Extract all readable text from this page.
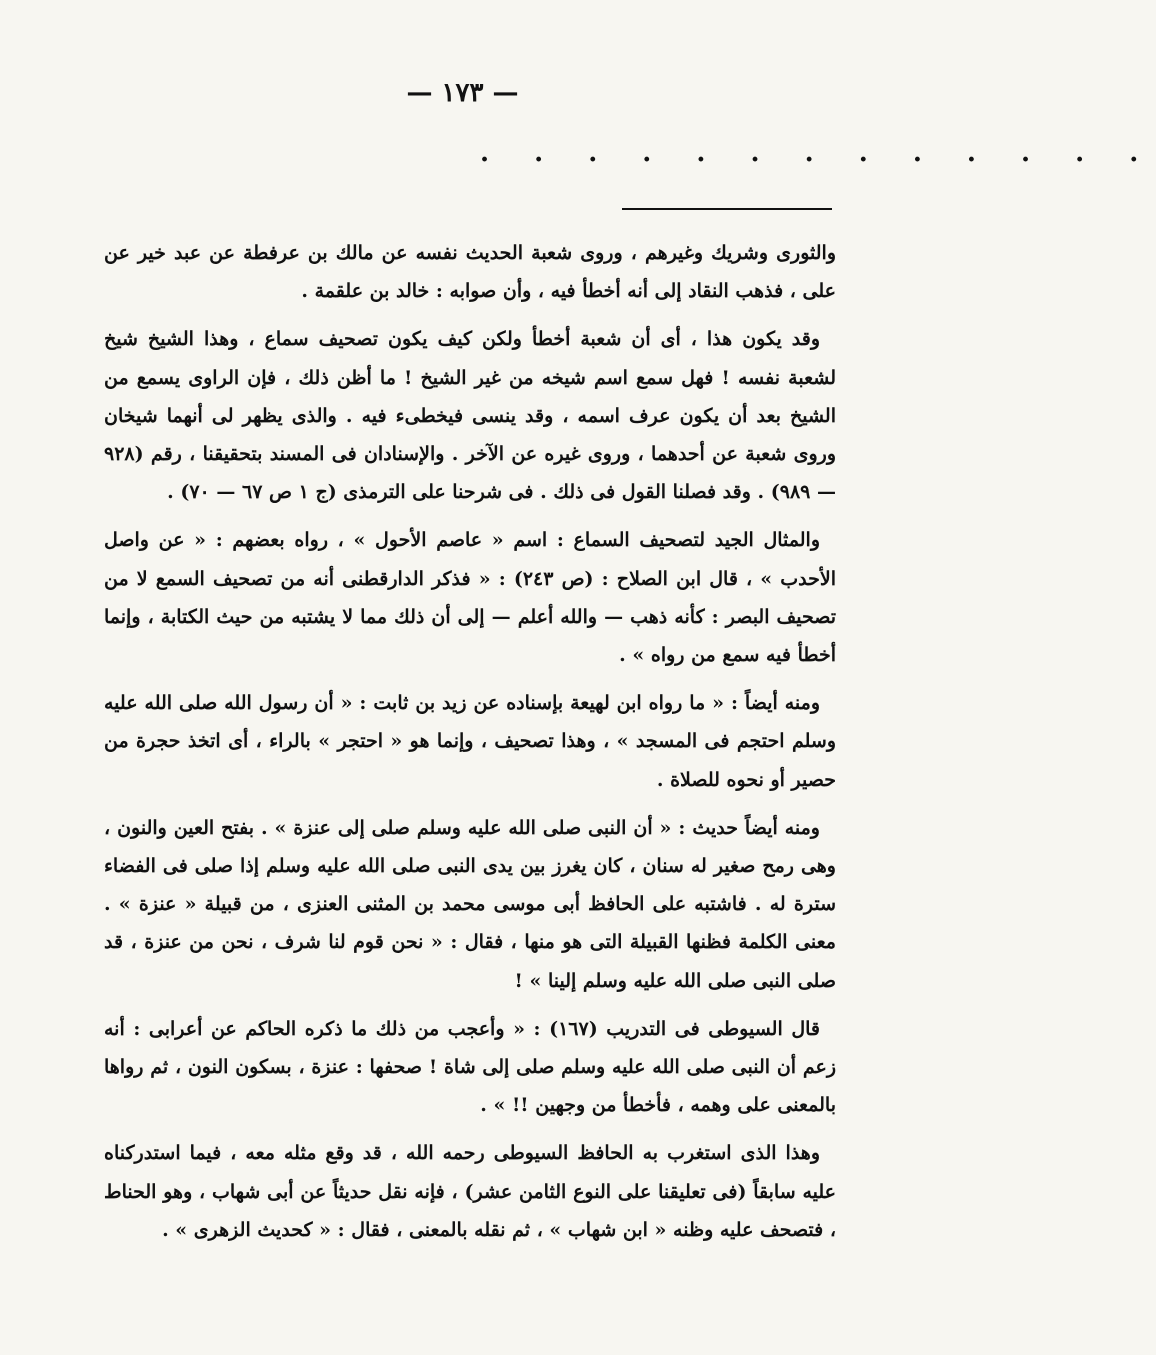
— ١٧٣ —
. . . . . . . . . . . . .

والثورى وشريك وغيرهم ، وروى شعبة الحديث نفسه عن مالك بن عرفطة عن عبد خير عن على ، فذهب النقاد إلى أنه أخطأ فيه ، وأن صوابه : خالد بن علقمة .

وقد يكون هذا ، أى أن شعبة أخطأ ولكن كيف يكون تصحيف سماع ، وهذا الشيخ شيخ لشعبة نفسه ! فهل سمع اسم شيخه من غير الشيخ ! ما أظن ذلك ، فإن الراوى يسمع من الشيخ بعد أن يكون عرف اسمه ، وقد ينسى فيخطىء فيه . والذى يظهر لى أنهما شيخان وروى شعبة عن أحدهما ، وروى غيره عن الآخر . والإسنادان فى المسند بتحقيقنا ، رقم (٩٢٨ — ٩٨٩) . وقد فصلنا القول فى ذلك . فى شرحنا على الترمذى (ج ١ ص ٦٧ — ٧٠) .

والمثال الجيد لتصحيف السماع : اسم « عاصم الأحول » ، رواه بعضهم : « عن واصل الأحدب » ، قال ابن الصلاح : (ص ٢٤٣) : « فذكر الدارقطنى أنه من تصحيف السمع لا من تصحيف البصر : كأنه ذهب — والله أعلم — إلى أن ذلك مما لا يشتبه من حيث الكتابة ، وإنما أخطأ فيه سمع من رواه » .

ومنه أيضاً : « ما رواه ابن لهيعة بإسناده عن زيد بن ثابت : « أن رسول الله صلى الله عليه وسلم احتجم فى المسجد » ، وهذا تصحيف ، وإنما هو « احتجر » بالراء ، أى اتخذ حجرة من حصير أو نحوه للصلاة .

ومنه أيضاً حديث : « أن النبى صلى الله عليه وسلم صلى إلى عنزة » . بفتح العين والنون ، وهى رمح صغير له سنان ، كان يغرز بين يدى النبى صلى الله عليه وسلم إذا صلى فى الفضاء سترة له . فاشتبه على الحافظ أبى موسى محمد بن المثنى العنزى ، من قبيلة « عنزة » . معنى الكلمة فظنها القبيلة التى هو منها ، فقال : « نحن قوم لنا شرف ، نحن من عنزة ، قد صلى النبى صلى الله عليه وسلم إلينا » !

قال السيوطى فى التدريب (١٦٧) : « وأعجب من ذلك ما ذكره الحاكم عن أعرابى : أنه زعم أن النبى صلى الله عليه وسلم صلى إلى شاة ! صحفها : عنزة ، بسكون النون ، ثم رواها بالمعنى على وهمه ، فأخطأ من وجهين !! » .

وهذا الذى استغرب به الحافظ السيوطى رحمه الله ، قد وقع مثله معه ، فيما استدركناه عليه سابقاً (فى تعليقنا على النوع الثامن عشر) ، فإنه نقل حديثاً عن أبى شهاب ، وهو الحناط ، فتصحف عليه وظنه « ابن شهاب » ، ثم نقله بالمعنى ، فقال : « كحديث الزهرى » .
